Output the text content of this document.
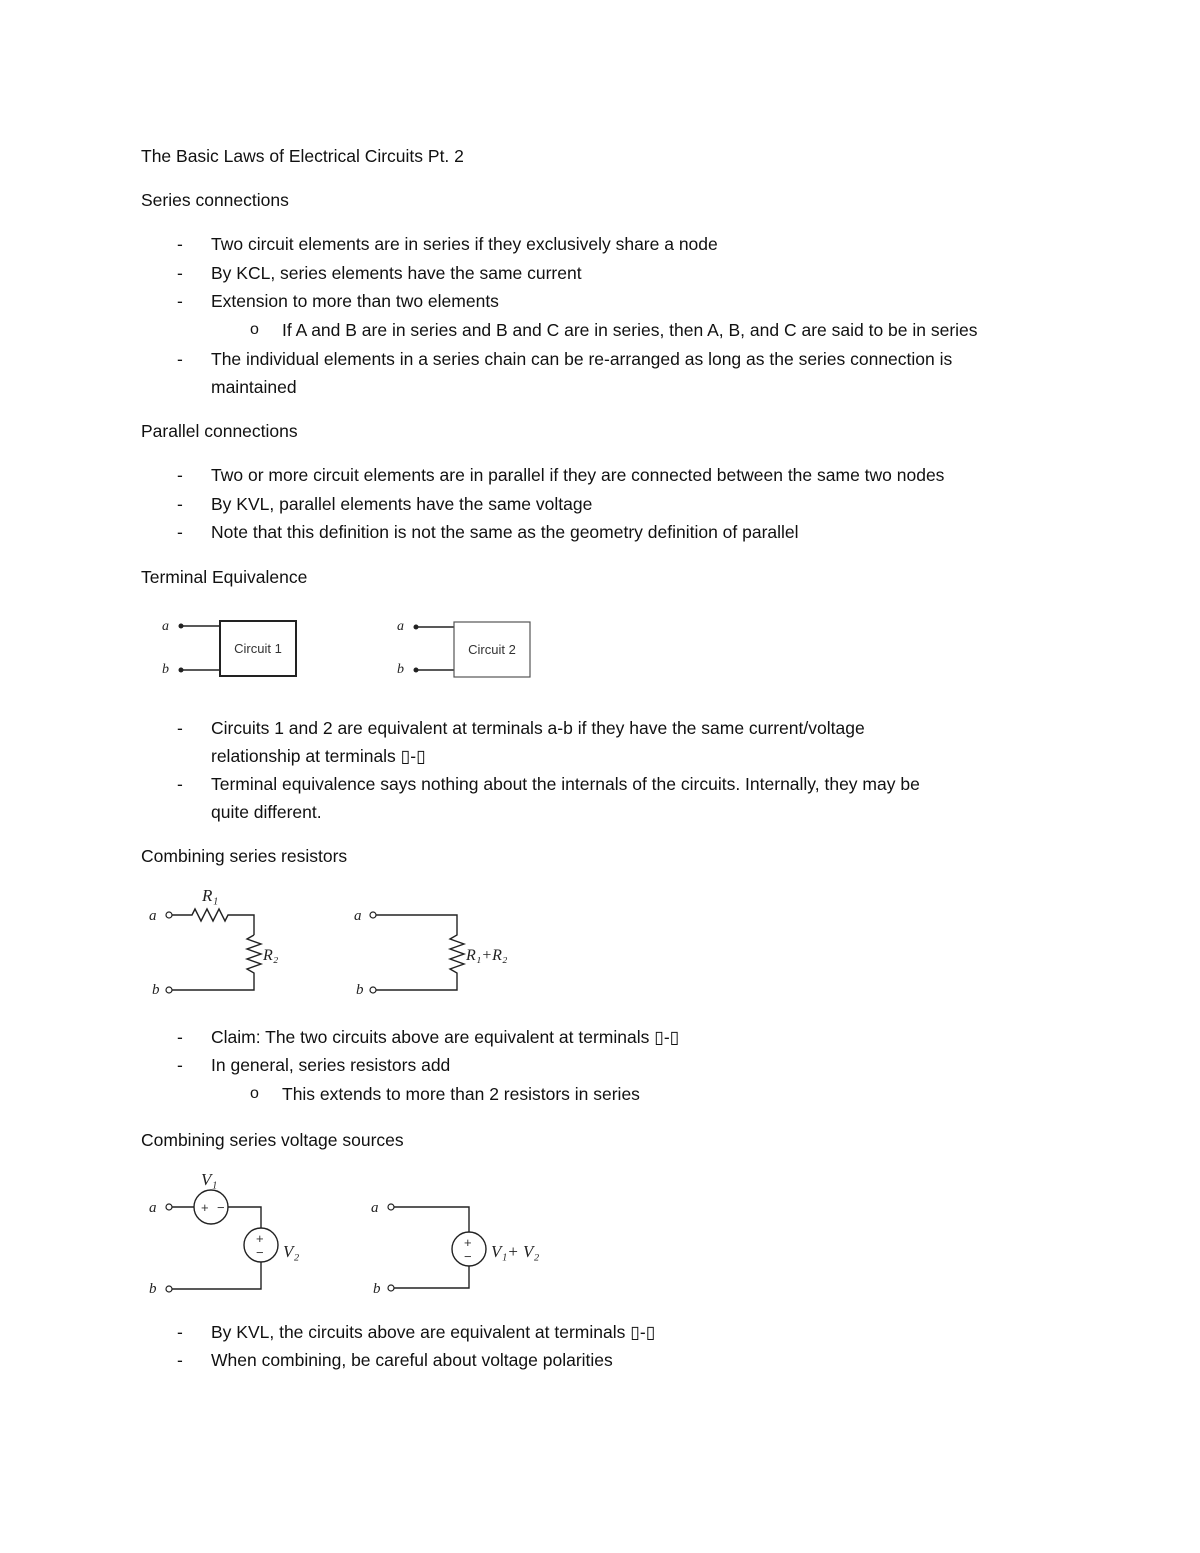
The Basic Laws of Electrical Circuits Pt. 2
Series connections
- Two circuit elements are in series if they exclusively share a node
- By KCL, series elements have the same current
- Extension to more than two elements
o If A and B are in series and B and C are in series, then A, B, and C are said to be in series
- The individual elements in a series chain can be re-arranged as long as the series connection is
maintained
Parallel connections
- Two or more circuit elements are in parallel if they are connected between the same two nodes
- By KVL, parallel elements have the same voltage
- Note that this definition is not the same as the geometry definition of parallel
Terminal Equivalence
a
b
Circuit 1
a
b
Circuit 2
a
b
R₁
R₂
a
b
R₁+R₂
a
b
+ −
+
−
V₁
V₂
a
b
+
− V₁+ V₂
- Circuits 1 and 2 are equivalent at terminals a-b if they have the same current/voltage
relationship at terminals ▯-▯
- Terminal equivalence says nothing about the internals of the circuits. Internally, they may be
quite different.
Combining series resistors
- Claim: The two circuits above are equivalent at terminals ▯-▯
- In general, series resistors add
o This extends to more than 2 resistors in series
Combining series voltage sources
- By KVL, the circuits above are equivalent at terminals ▯-▯
- When combining, be careful about voltage polarities
